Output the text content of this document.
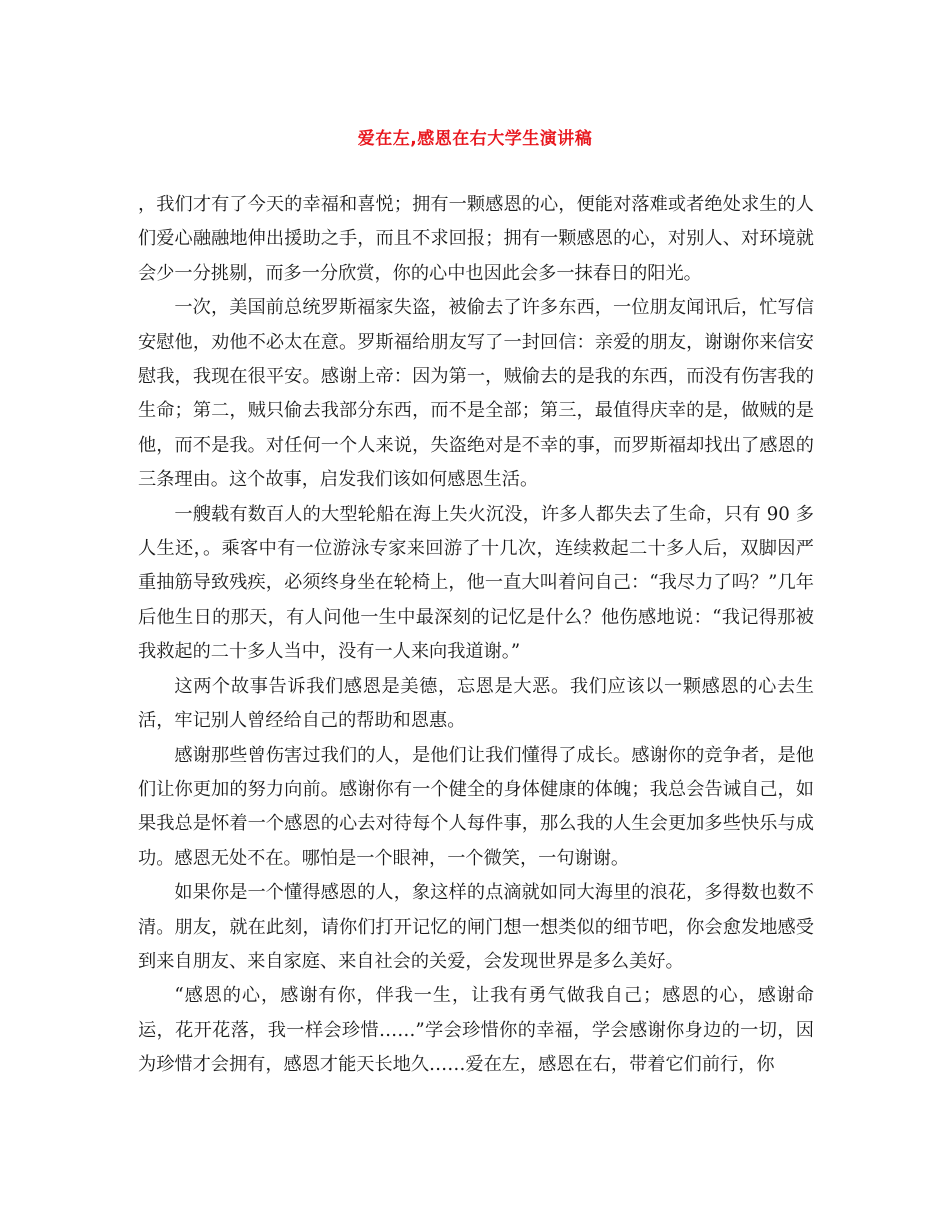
爱在左,感恩在右大学生演讲稿

，我们才有了今天的幸福和喜悦；拥有一颗感恩的心，便能对落难或者绝处求生的人们爱心融融地伸出援助之手，而且不求回报；拥有一颗感恩的心，对别人、对环境就会少一分挑剔，而多一分欣赏，你的心中也因此会多一抹春日的阳光。

一次，美国前总统罗斯福家失盗，被偷去了许多东西，一位朋友闻讯后，忙写信安慰他，劝他不必太在意。罗斯福给朋友写了一封回信：亲爱的朋友，谢谢你来信安慰我，我现在很平安。感谢上帝：因为第一，贼偷去的是我的东西，而没有伤害我的生命；第二，贼只偷去我部分东西，而不是全部；第三，最值得庆幸的是，做贼的是他，而不是我。对任何一个人来说，失盗绝对是不幸的事，而罗斯福却找出了感恩的三条理由。这个故事，启发我们该如何感恩生活。

一艘载有数百人的大型轮船在海上失火沉没，许多人都失去了生命，只有 90 多人生还，。乘客中有一位游泳专家来回游了十几次，连续救起二十多人后，双脚因严重抽筋导致残疾，必须终身坐在轮椅上，他一直大叫着问自己：“我尽力了吗？”几年后他生日的那天，有人问他一生中最深刻的记忆是什么？他伤感地说：“我记得那被我救起的二十多人当中，没有一人来向我道谢。”

这两个故事告诉我们感恩是美德，忘恩是大恶。我们应该以一颗感恩的心去生活，牢记别人曾经给自己的帮助和恩惠。

感谢那些曾伤害过我们的人，是他们让我们懂得了成长。感谢你的竞争者，是他们让你更加的努力向前。感谢你有一个健全的身体健康的体魄；我总会告诫自己，如果我总是怀着一个感恩的心去对待每个人每件事，那么我的人生会更加多些快乐与成功。感恩无处不在。哪怕是一个眼神，一个微笑，一句谢谢。

如果你是一个懂得感恩的人，象这样的点滴就如同大海里的浪花，多得数也数不清。朋友，就在此刻，请你们打开记忆的闸门想一想类似的细节吧，你会愈发地感受到来自朋友、来自家庭、来自社会的关爱，会发现世界是多么美好。

“感恩的心，感谢有你，伴我一生，让我有勇气做我自己；感恩的心，感谢命运，花开花落，我一样会珍惜……”学会珍惜你的幸福，学会感谢你身边的一切，因为珍惜才会拥有，感恩才能天长地久……爱在左，感恩在右，带着它们前行，你
